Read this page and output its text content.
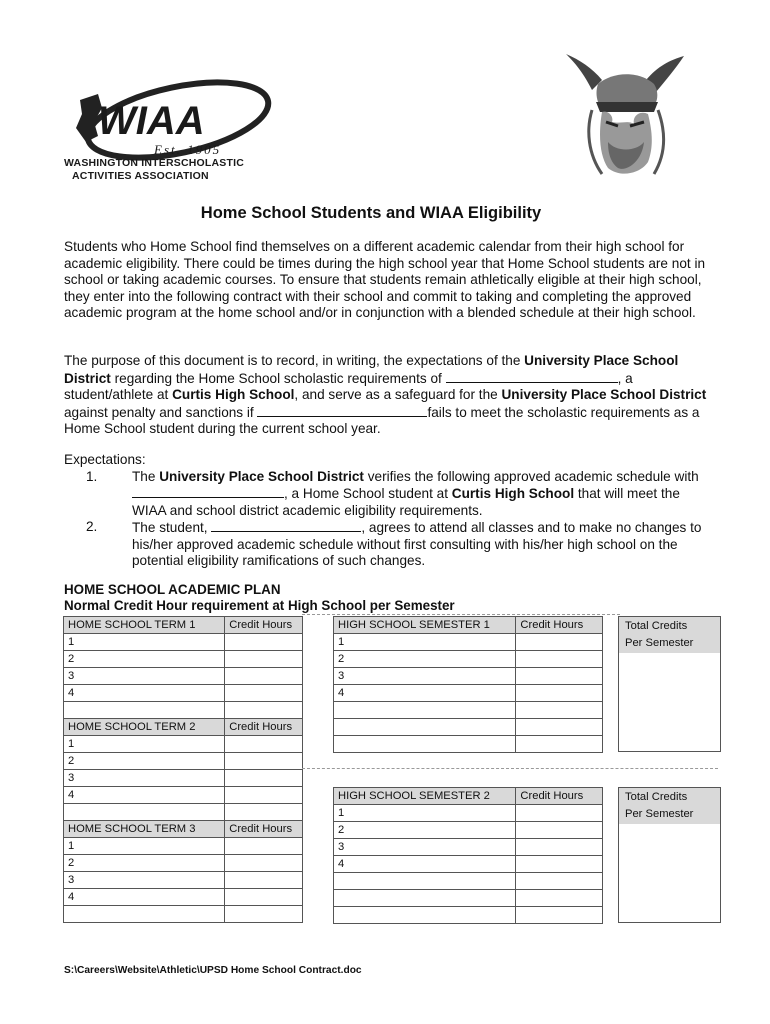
WIAA
Est. 1905
WASHINGTON INTERSCHOLASTIC
ACTIVITIES ASSOCIATION
Home School Students and WIAA Eligibility
Students who Home School find themselves on a different academic calendar from their high school for academic eligibility. There could be times during the high school year that Home School students are not in school or taking academic courses. To ensure that students remain athletically eligible at their high school, they enter into the following contract with their school and commit to taking and completing the approved academic program at the home school and/or in conjunction with a blended schedule at their high school.
The purpose of this document is to record, in writing, the expectations of the University Place School District regarding the Home School scholastic requirements of	, a student/athlete at Curtis High School, and serve as a safeguard for the University Place School District against penalty and sanctions if	fails to meet the scholastic requirements as a Home School student during the current school year.
Expectations:
1.	The University Place School District verifies the following approved academic schedule with , a Home School student at Curtis High School that will meet the WIAA and school district academic eligibility requirements.
2.	The student,	, agrees to attend all classes and to make no changes to his/her approved academic schedule without first consulting with his/her high school on the potential eligibility ramifications of such changes.
HOME SCHOOL ACADEMIC PLAN
Normal Credit Hour requirement at High School per Semester
HOME SCHOOL TERM 1	Credit Hours
1	
2	
3	
4	

HOME SCHOOL TERM 2	Credit Hours
1	
2	
3	
4	

HOME SCHOOL TERM 3	Credit Hours
1	
2	
3	
4	

HIGH SCHOOL SEMESTER 1	Credit Hours
1	
2	
3	
4	

Total Credits
Per Semester
HIGH SCHOOL SEMESTER 2	Credit Hours
1	
2	
3	
4	

Total Credits
Per Semester
S:\Careers\Website\Athletic\UPSD Home School Contract.doc
